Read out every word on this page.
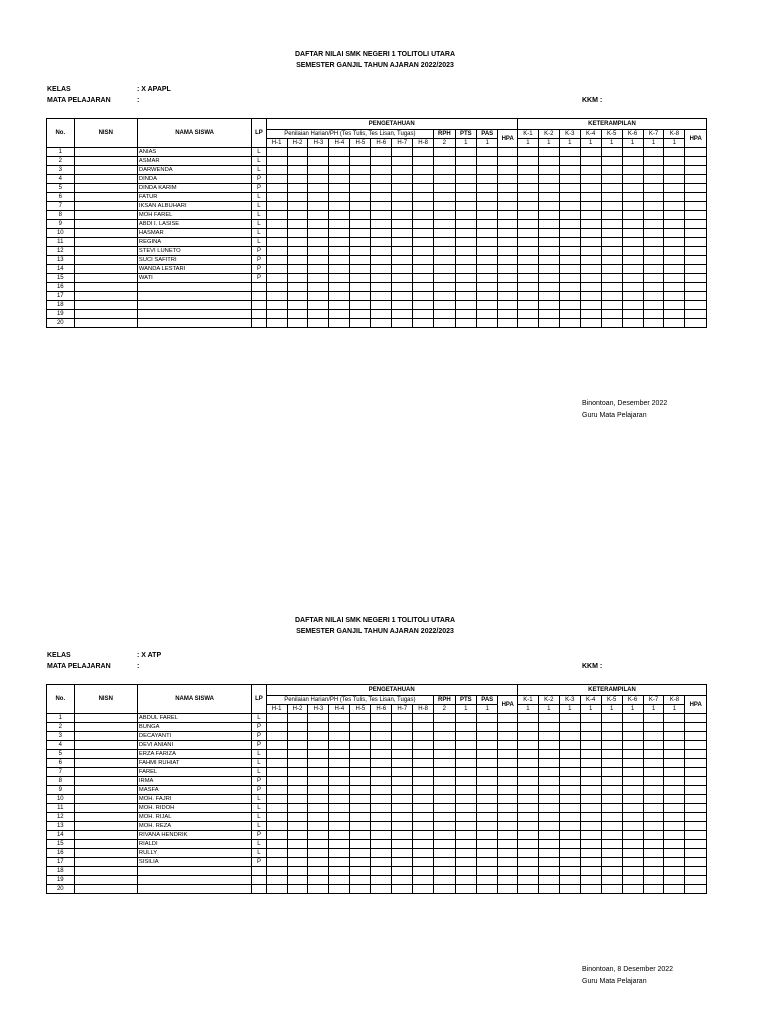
DAFTAR NILAI SMK NEGERI 1 TOLITOLI UTARA
SEMESTER GANJIL TAHUN AJARAN 2022/2023
KELAS	: X APAPL
MATA PELAJARAN	:	KKM :
No.	NISN	NAMA SISWA	LP	PENGETAHUAN												KETERAMPILAN								
				Penilaian Harian/PH (Tes Tulis, Tes Lisan, Tugas)								RPH	PTS	PAS	HPA	K-1	K-2	K-3	K-4	K-5	K-6	K-7	K-8	HPA
				H-1	H-2	H-3	H-4	H-5	H-6	H-7	H-8	2	1	1		1	1	1	1	1	1	1	1	
1		ANIAS	L																					
2		ASMAR	L																					
3		DARWENDA	L																					
4		DINDA	P																					
5		DINDA KARIM	P																					
6		FATUR	L																					
7		IKSAN ALBUHARI	L																					
8		MOH FAREL	L																					
9		ABDI I. LASISE	L																					
10		HASMAR	L																					
11		REGINA	L																					
12		STEVI LUNETO	P																					
13		SUCI SAFITRI	P																					
14		WANDA LESTARI	P																					
15		WATI	P																					
16																								
17																								
18																								
19																								
20																								
Binontoan, Desember 2022
Guru Mata Pelajaran
DAFTAR NILAI SMK NEGERI 1 TOLITOLI UTARA
SEMESTER GANJIL TAHUN AJARAN 2022/2023
KELAS	: X ATP
MATA PELAJARAN	:	KKM :
No.	NISN	NAMA SISWA	LP	PENGETAHUAN												KETERAMPILAN								
				Penilaian Harian/PH (Tes Tulis, Tes Lisan, Tugas)								RPH	PTS	PAS	HPA	K-1	K-2	K-3	K-4	K-5	K-6	K-7	K-8	HPA
				H-1	H-2	H-3	H-4	H-5	H-6	H-7	H-8	2	1	1		1	1	1	1	1	1	1	1	
1		ABDUL FAREL	L																					
2		BUNGA	P																					
3		DECAYANTI	P																					
4		DEVI ANIANI	P																					
5		ERZA FARIZA	L																					
6		FAHMI RUHIAT	L																					
7		FAREL	L																					
8		IRMA	P																					
9		MASFA	P																					
10		MOH. FAJRI	L																					
11		MOH. RIDOH	L																					
12		MOH. RIJAL	L																					
13		MOH. REZA	L																					
14		RIVANA HENDRIK	P																					
15		RIALDI	L																					
16		RULLY	L																					
17		SISILIA	P																					
18																								
19																								
20																								
Binontoan, 8 Desember 2022
Guru Mata Pelajaran
